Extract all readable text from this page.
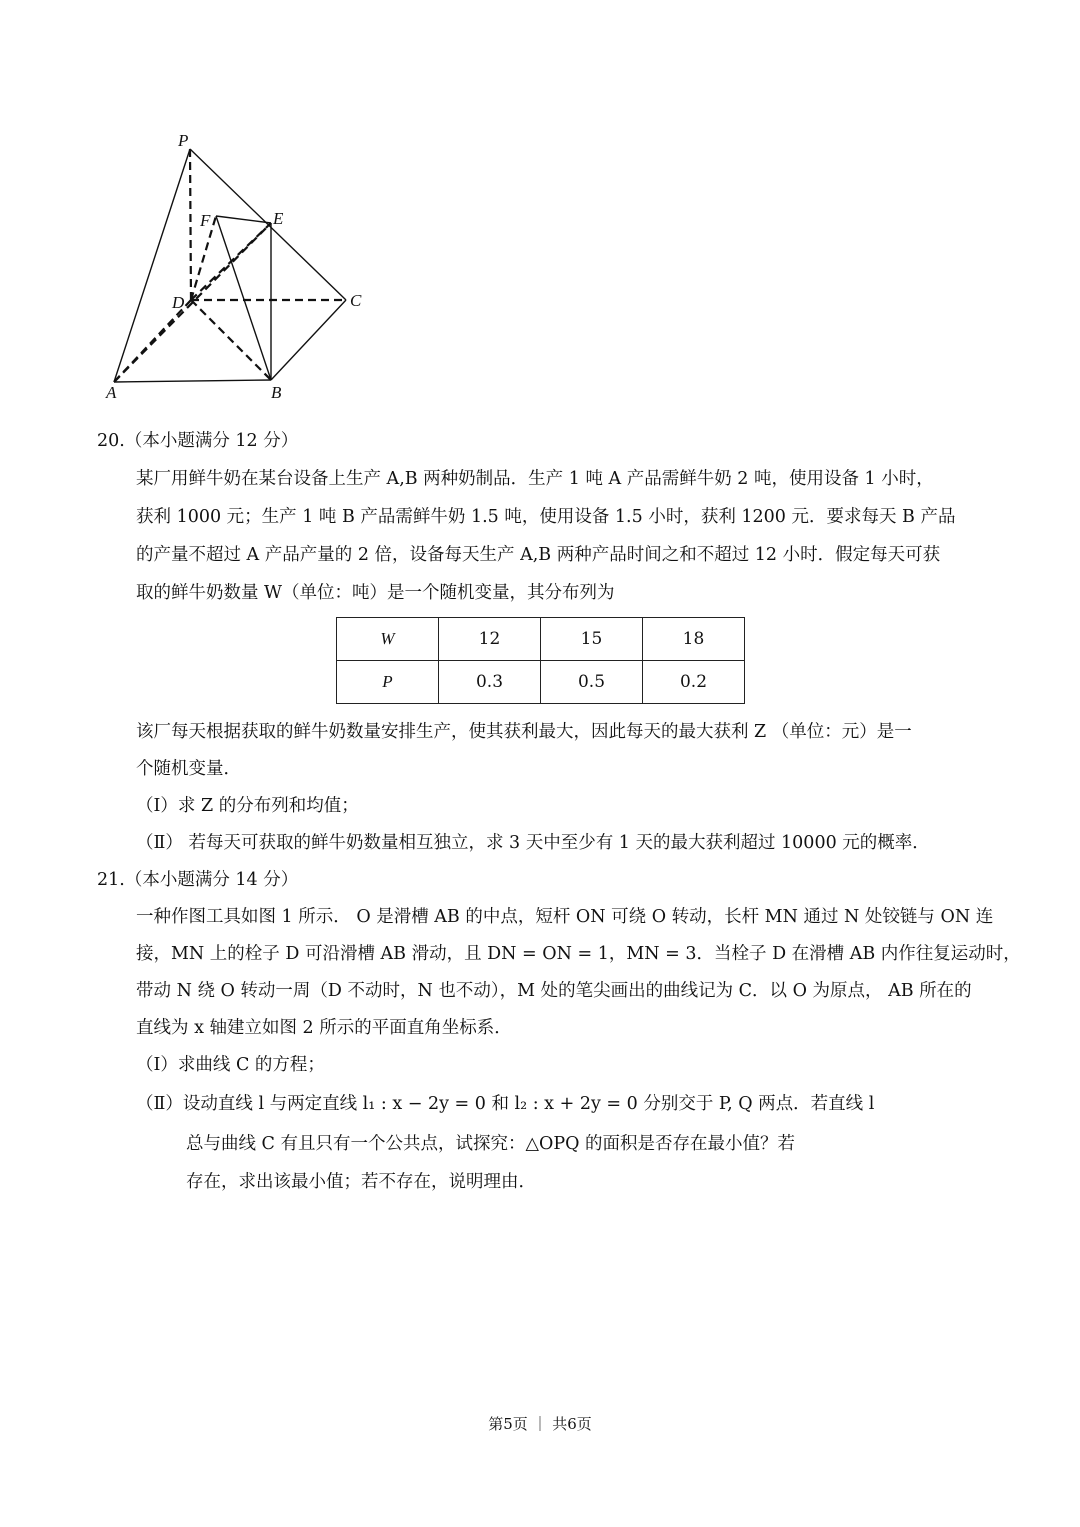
P
F	E
D	C
A	B
20.（本小题满分 12 分）
某厂用鲜牛奶在某台设备上生产 A,B 两种奶制品．生产 1 吨 A 产品需鲜牛奶 2 吨，使用设备 1 小时，
获利 1000 元；生产 1 吨 B 产品需鲜牛奶 1.5 吨，使用设备 1.5 小时，获利 1200 元．要求每天 B 产品
的产量不超过 A 产品产量的 2 倍，设备每天生产 A,B 两种产品时间之和不超过 12 小时．假定每天可获
取的鲜牛奶数量 W（单位：吨）是一个随机变量，其分布列为
W	12	15	18
P	0.3	0.5	0.2
该厂每天根据获取的鲜牛奶数量安排生产，使其获利最大，因此每天的最大获利 Z （单位：元）是一
个随机变量．
（Ⅰ）求 Z 的分布列和均值；
（Ⅱ） 若每天可获取的鲜牛奶数量相互独立，求 3 天中至少有 1 天的最大获利超过 10000 元的概率．
21.（本小题满分 14 分）
一种作图工具如图 1 所示． O 是滑槽 AB 的中点，短杆 ON 可绕 O 转动，长杆 MN 通过 N 处铰链与 ON 连
接，MN 上的栓子 D 可沿滑槽 AB 滑动，且 DN = ON = 1，MN = 3．当栓子 D 在滑槽 AB 内作往复运动时，
带动 N 绕 O 转动一周（D 不动时，N 也不动），M 处的笔尖画出的曲线记为 C．以 O 为原点， AB 所在的
直线为 x 轴建立如图 2 所示的平面直角坐标系．
（Ⅰ）求曲线 C 的方程；
（Ⅱ）设动直线 l 与两定直线 l₁ : x − 2y = 0 和 l₂ : x + 2y = 0 分别交于 P, Q 两点．若直线 l
总与曲线 C 有且只有一个公共点，试探究：△OPQ 的面积是否存在最小值？若
存在，求出该最小值；若不存在，说明理由．
第5页 ｜ 共6页
